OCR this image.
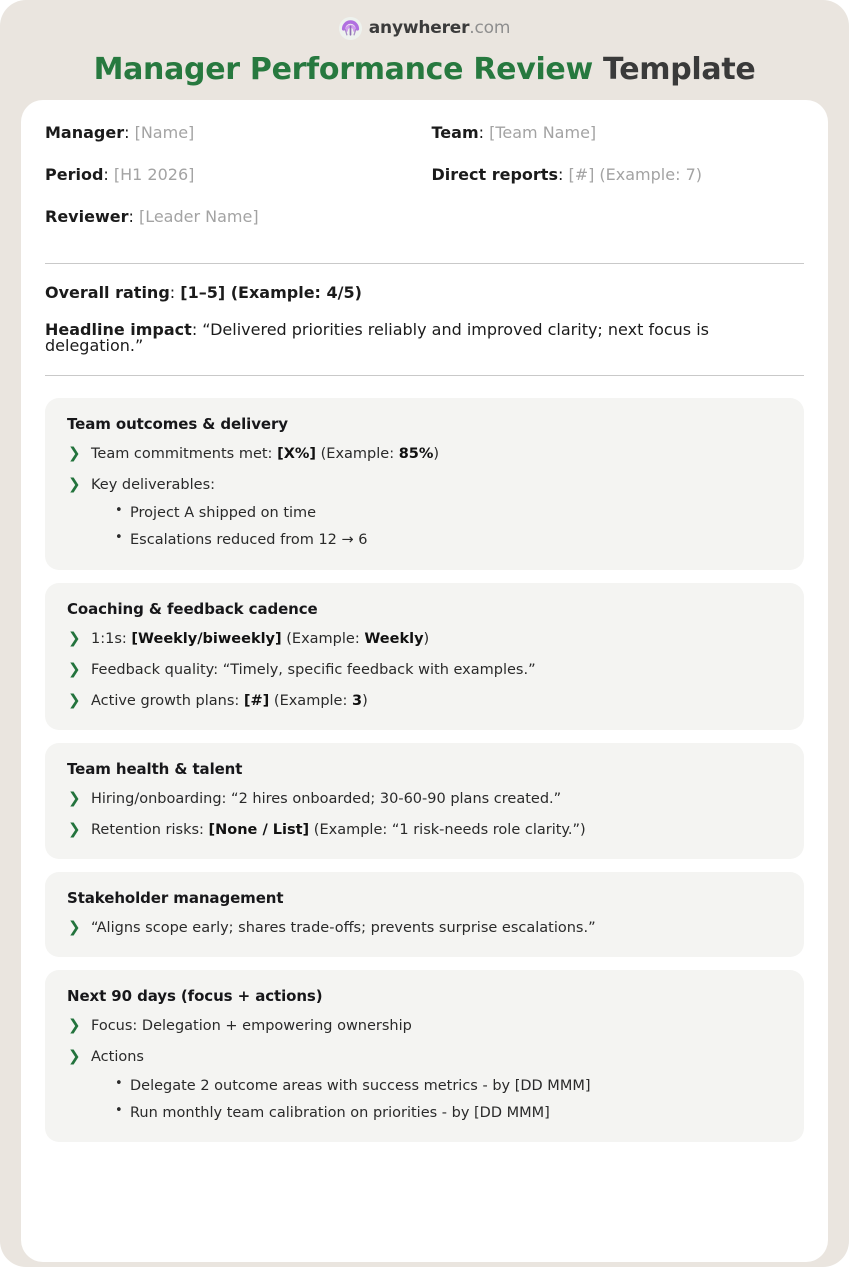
anywherer.com
Manager Performance Review Template
Manager: [Name]
Period: [H1 2026]
Reviewer: [Leader Name]
Team: [Team Name]
Direct reports: [#] (Example: 7)
Overall rating: [1–5] (Example: 4/5)
Headline impact: “Delivered priorities reliably and improved clarity; next focus is delegation.”
Team outcomes & delivery
❯ Team commitments met: [X%] (Example: 85%)
❯ Key deliverables:
• Project A shipped on time
• Escalations reduced from 12 → 6
Coaching & feedback cadence
❯ 1:1s: [Weekly/biweekly] (Example: Weekly)
❯ Feedback quality: “Timely, specific feedback with examples.”
❯ Active growth plans: [#] (Example: 3)
Team health & talent
❯ Hiring/onboarding: “2 hires onboarded; 30-60-90 plans created.”
❯ Retention risks: [None / List] (Example: “1 risk-needs role clarity.”)
Stakeholder management
❯ “Aligns scope early; shares trade-offs; prevents surprise escalations.”
Next 90 days (focus + actions)
❯ Focus: Delegation + empowering ownership
❯ Actions
• Delegate 2 outcome areas with success metrics - by [DD MMM]
• Run monthly team calibration on priorities - by [DD MMM]
